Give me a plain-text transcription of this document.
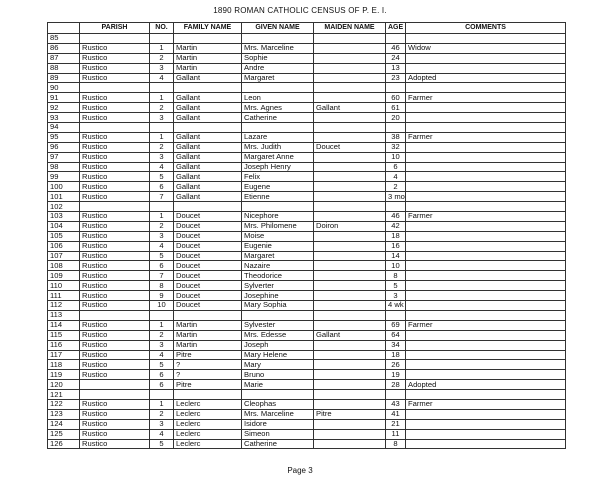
1890 ROMAN CATHOLIC CENSUS OF P. E. I.
	PARISH	NO.	FAMILY NAME	GIVEN NAME	MAIDEN NAME	AGE	COMMENTS
85							
86	Rustico	1	Martin	Mrs. Marceline		46	Widow
87	Rustico	2	Martin	Sophie		24	
88	Rustico	3	Martin	Andre		13	
89	Rustico	4	Gallant	Margaret		23	Adopted
90							
91	Rustico	1	Gallant	Leon		60	Farmer
92	Rustico	2	Gallant	Mrs. Agnes	Gallant	61	
93	Rustico	3	Gallant	Catherine		20	
94							
95	Rustico	1	Gallant	Lazare		38	Farmer
96	Rustico	2	Gallant	Mrs. Judith	Doucet	32	
97	Rustico	3	Gallant	Margaret Anne		10	
98	Rustico	4	Gallant	Joseph Henry		6	
99	Rustico	5	Gallant	Felix		4	
100	Rustico	6	Gallant	Eugene		2	
101	Rustico	7	Gallant	Etienne		3 mo	
102							
103	Rustico	1	Doucet	Nicephore		46	Farmer
104	Rustico	2	Doucet	Mrs. Philomene	Doiron	42	
105	Rustico	3	Doucet	Moise		18	
106	Rustico	4	Doucet	Eugenie		16	
107	Rustico	5	Doucet	Margaret		14	
108	Rustico	6	Doucet	Nazaire		10	
109	Rustico	7	Doucet	Theodorice		8	
110	Rustico	8	Doucet	Sylverter		5	
111	Rustico	9	Doucet	Josephine		3	
112	Rustico	10	Doucet	Mary Sophia		4 wk	
113							
114	Rustico	1	Martin	Sylvester		69	Farmer
115	Rustico	2	Martin	Mrs. Edesse	Gallant	64	
116	Rustico	3	Martin	Joseph		34	
117	Rustico	4	Pitre	Mary Helene		18	
118	Rustico	5	?	Mary		26	
119	Rustico	6	?	Bruno		19	
120		6	Pitre	Marie		28	Adopted
121							
122	Rustico	1	Leclerc	Cleophas		43	Farmer
123	Rustico	2	Leclerc	Mrs. Marceline	Pitre	41	
124	Rustico	3	Leclerc	Isidore		21	
125	Rustico	4	Leclerc	Simeon		11	
126	Rustico	5	Leclerc	Catherine		8	
Page 3
